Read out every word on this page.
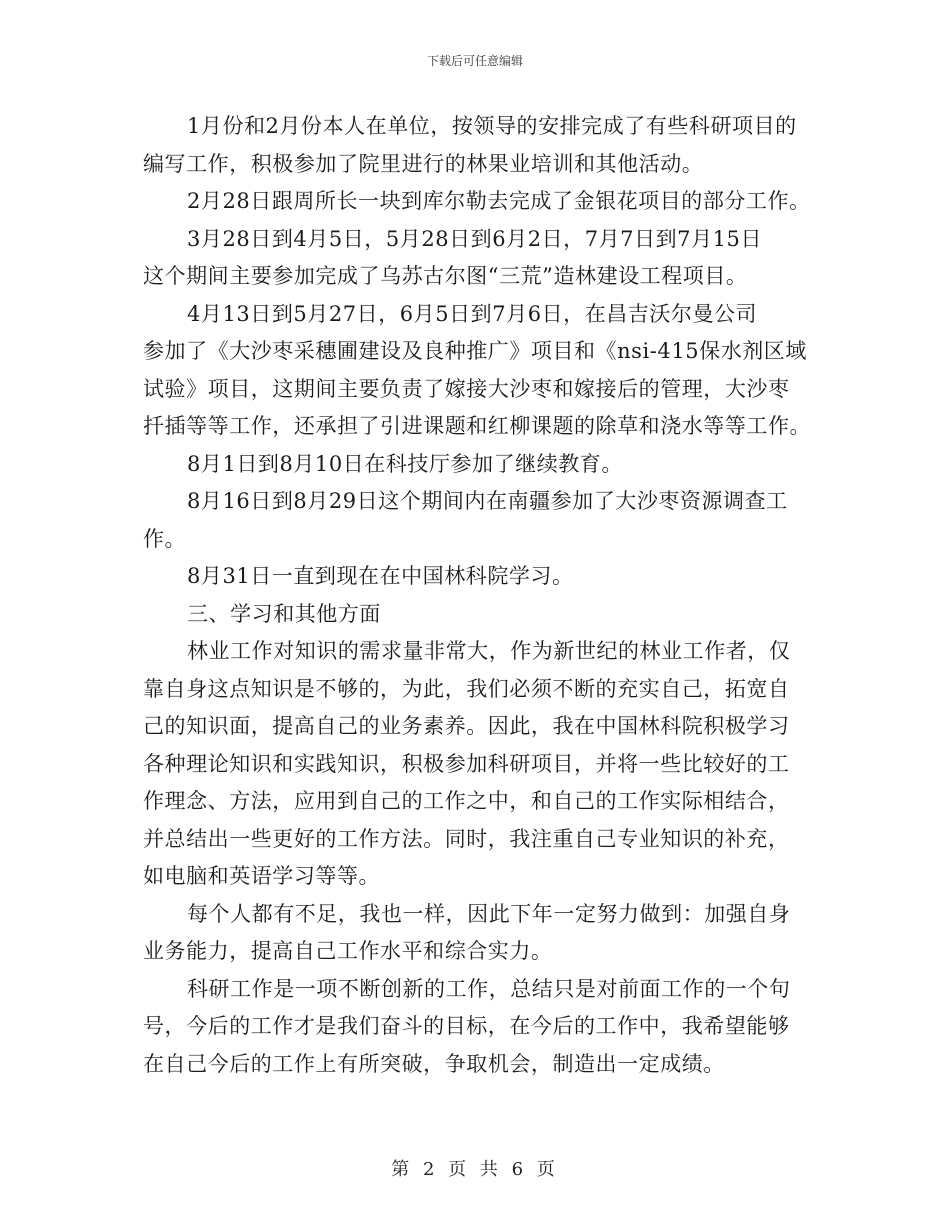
下载后可任意编辑
1月份和2月份本人在单位，按领导的安排完成了有些科研项目的
编写工作，积极参加了院里进行的林果业培训和其他活动。
2月28日跟周所长一块到库尔勒去完成了金银花项目的部分工作。
3月28日到4月5日，5月28日到6月2日，7月7日到7月15日
这个期间主要参加完成了乌苏古尔图“三荒”造林建设工程项目。
4月13日到5月27日，6月5日到7月6日，在昌吉沃尔曼公司
参加了《大沙枣采穗圃建设及良种推广》项目和《nsi-415保水剂区域
试验》项目，这期间主要负责了嫁接大沙枣和嫁接后的管理，大沙枣
扦插等等工作，还承担了引进课题和红柳课题的除草和浇水等等工作。
8月1日到8月10日在科技厅参加了继续教育。
8月16日到8月29日这个期间内在南疆参加了大沙枣资源调查工
作。
8月31日一直到现在在中国林科院学习。
三、学习和其他方面
林业工作对知识的需求量非常大，作为新世纪的林业工作者，仅
靠自身这点知识是不够的，为此，我们必须不断的充实自己，拓宽自
己的知识面，提高自己的业务素养。因此，我在中国林科院积极学习
各种理论知识和实践知识，积极参加科研项目，并将一些比较好的工
作理念、方法，应用到自己的工作之中，和自己的工作实际相结合，
并总结出一些更好的工作方法。同时，我注重自己专业知识的补充，
如电脑和英语学习等等。
每个人都有不足，我也一样，因此下年一定努力做到：加强自身
业务能力，提高自己工作水平和综合实力。
科研工作是一项不断创新的工作，总结只是对前面工作的一个句
号，今后的工作才是我们奋斗的目标，在今后的工作中，我希望能够
在自己今后的工作上有所突破，争取机会，制造出一定成绩。
第 2 页 共 6 页
